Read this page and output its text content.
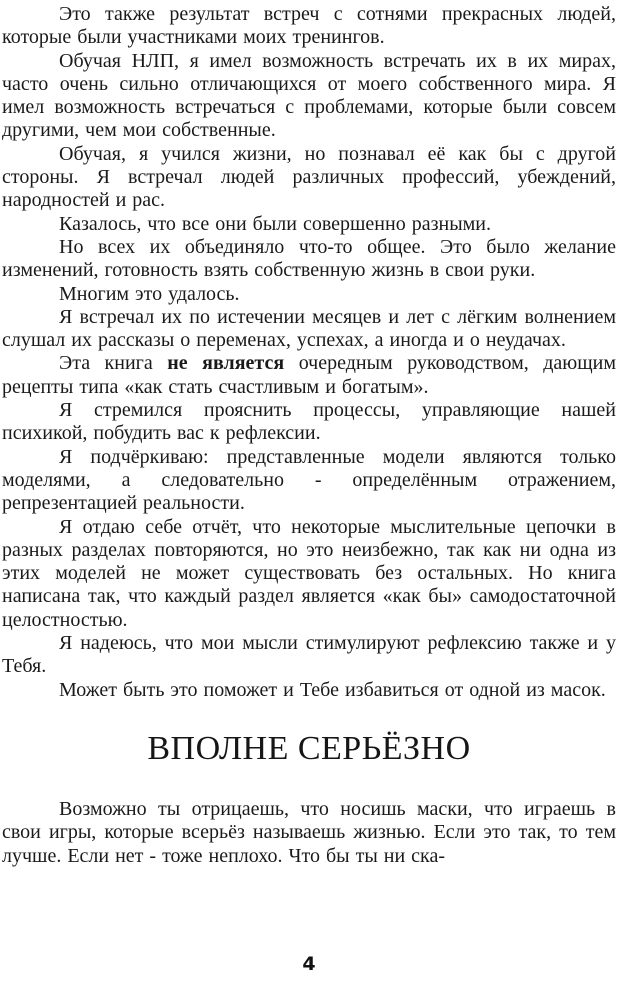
Это также результат встреч с сотнями прекрасных людей, которые были участниками моих тренингов.

Обучая НЛП, я имел возможность встречать их в их мирах, часто очень сильно отличающихся от моего собственного мира. Я имел возможность встречаться с проблемами, которые были совсем другими, чем мои собственные.

Обучая, я учился жизни, но познавал её как бы с другой стороны. Я встречал людей различных профессий, убеждений, народностей и рас.

Казалось, что все они были совершенно разными.

Но всех их объединяло что-то общее. Это было желание изменений, готовность взять собственную жизнь в свои руки.

Многим это удалось.

Я встречал их по истечении месяцев и лет с лёгким волнением слушал их рассказы о переменах, успехах, а иногда и о неудачах.

Эта книга не является очередным руководством, дающим рецепты типа «как стать счастливым и богатым».

Я стремился прояснить процессы, управляющие нашей психикой, побудить вас к рефлексии.

Я подчёркиваю: представленные модели являются только моделями, а следовательно - определённым отражением, репрезентацией реальности.

Я отдаю себе отчёт, что некоторые мыслительные цепочки в разных разделах повторяются, но это неизбежно, так как ни одна из этих моделей не может существовать без остальных. Но книга написана так, что каждый раздел является «как бы» самодостаточной целостностью.

Я надеюсь, что мои мысли стимулируют рефлексию также и у Тебя.

Может быть это поможет и Тебе избавиться от одной из масок.

ВПОЛНЕ СЕРЬЁЗНО

Возможно ты отрицаешь, что носишь маски, что играешь в свои игры, которые всерьёз называешь жизнью. Если это так, то тем лучше. Если нет - тоже неплохо. Что бы ты ни ска-

4
